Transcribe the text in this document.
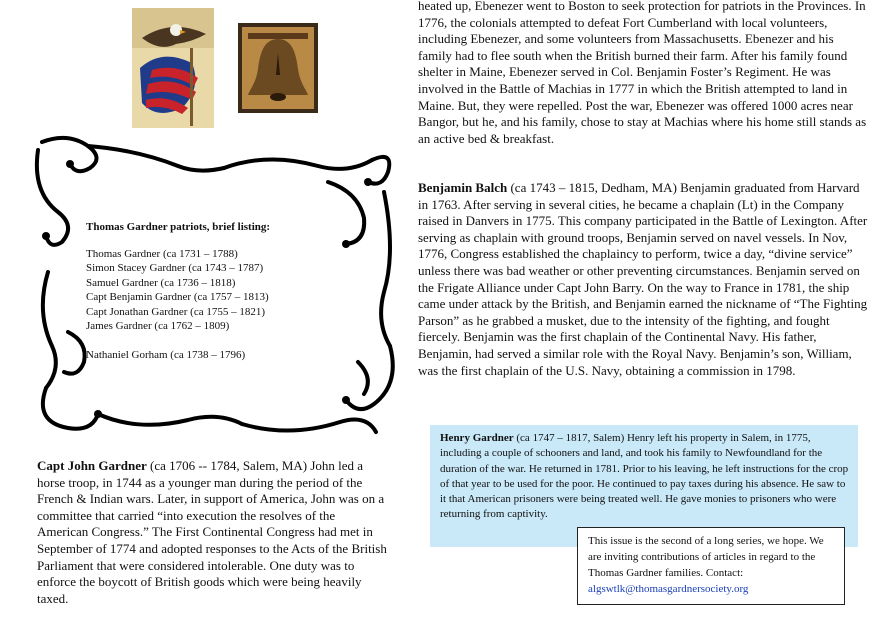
Thomas Gardner patriots, brief listing:
Thomas Gardner (ca 1731 – 1788)
Simon Stacey Gardner (ca 1743 – 1787)
Samuel Gardner (ca 1736 – 1818)
Capt Benjamin Gardner (ca 1757 – 1813)
Capt Jonathan Gardner (ca 1755 – 1821)
James Gardner (ca 1762 – 1809)
Nathaniel Gorham (ca 1738 – 1796)
Capt John Gardner (ca 1706 -- 1784, Salem, MA) John led a horse troop, in 1744 as a younger man during the period of the French & Indian wars. Later, in support of America, John was on a committee that carried “into execution the resolves of the American Congress.” The First Continental Congress had met in September of 1774 and adopted responses to the Acts of the British Parliament that were considered intolerable. One duty was to enforce the boycott of British goods which were being heavily taxed.
heated up, Ebenezer went to Boston to seek protection for patriots in the Provinces. In 1776, the colonials attempted to defeat Fort Cumberland with local volunteers, including Ebenezer, and some volunteers from Massachusetts. Ebenezer and his family had to flee south when the British burned their farm. After his family found shelter in Maine, Ebenezer served in Col. Benjamin Foster’s Regiment. He was involved in the Battle of Machias in 1777 in which the British attempted to land in Maine. But, they were repelled. Post the war, Ebenezer was offered 1000 acres near Bangor, but he, and his family, chose to stay at Machias where his home still stands as an active bed & breakfast.
Benjamin Balch (ca 1743 – 1815, Dedham, MA) Benjamin graduated from Harvard in 1763. After serving in several cities, he became a chaplain (Lt) in the Company raised in Danvers in 1775. This company participated in the Battle of Lexington. After serving as chaplain with ground troops, Benjamin served on navel vessels. In Nov, 1776, Congress established the chaplaincy to perform, twice a day, “divine service” unless there was bad weather or other preventing circumstances. Benjamin served on the Frigate Alliance under Capt John Barry. On the way to France in 1781, the ship came under attack by the British, and Benjamin earned the nickname of “The Fighting Parson” as he grabbed a musket, due to the intensity of the fighting, and fought fiercely. Benjamin was the first chaplain of the Continental Navy. His father, Benjamin, had served a similar role with the Royal Navy. Benjamin’s son, William, was the first chaplain of the U.S. Navy, obtaining a commission in 1798.
Henry Gardner (ca 1747 – 1817, Salem) Henry left his property in Salem, in 1775, including a couple of schooners and land, and took his family to Newfoundland for the duration of the war. He returned in 1781. Prior to his leaving, he left instructions for the crop of that year to be used for the poor. He continued to pay taxes during his absence. He saw to it that American prisoners were being treated well. He gave monies to prisoners who were returning from captivity.
This issue is the second of a long series, we hope. We are inviting contributions of articles in regard to the Thomas Gardner families. Contact: algswtlk@thomasgardnersociety.org
